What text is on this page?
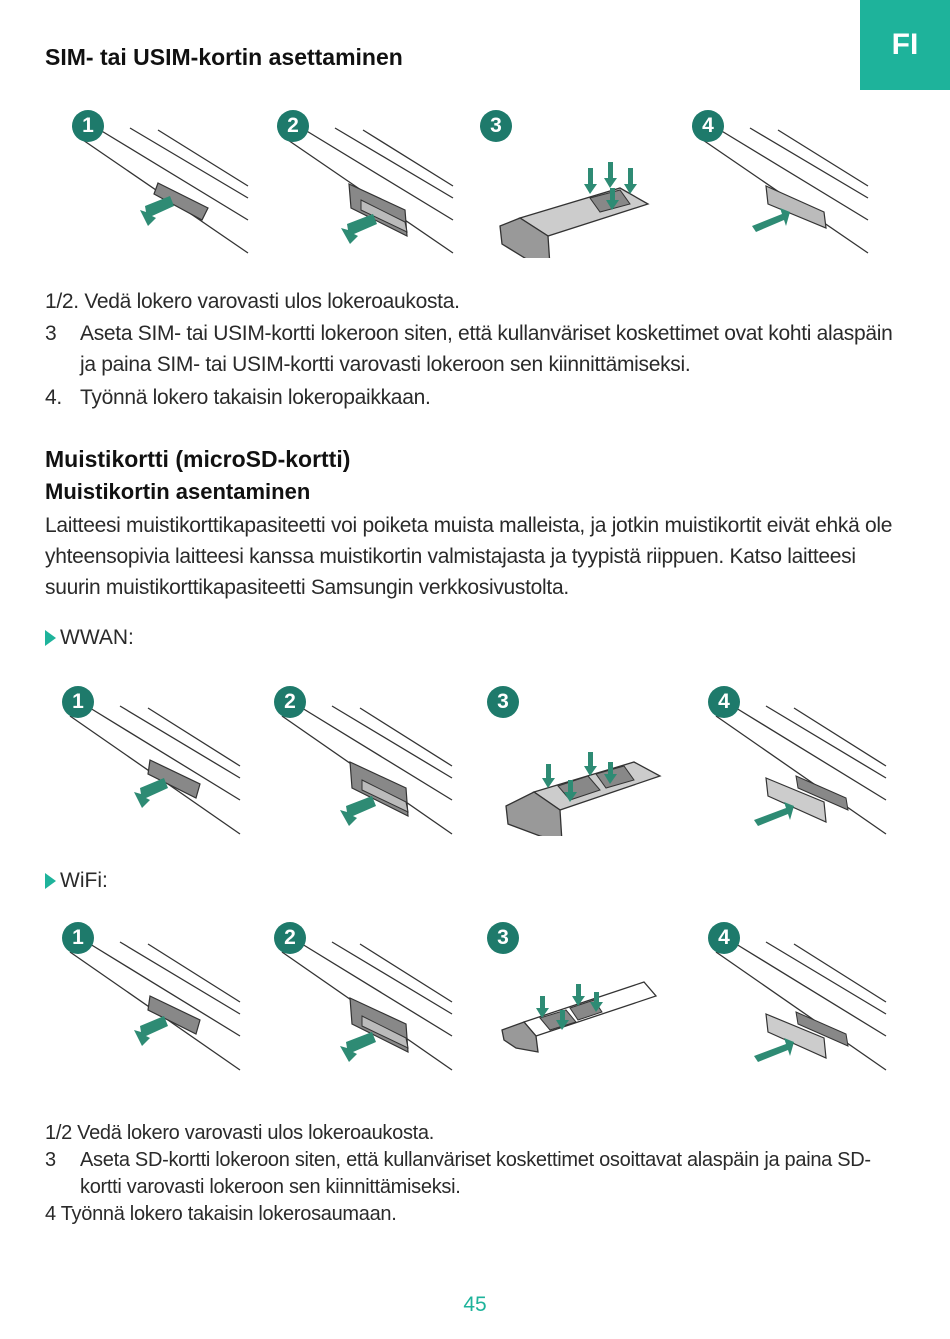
FI
SIM- tai USIM-kortin asettaminen
1	2	3	4
1/2. Vedä lokero varovasti ulos lokeroaukosta.
3	Aseta SIM- tai USIM-kortti lokeroon siten, että kullanväriset koskettimet ovat kohti alaspäin ja paina SIM- tai USIM-kortti varovasti lokeroon sen kiinnittämiseksi.
4. Työnnä lokero takaisin lokeropaikkaan.
Muistikortti (microSD-kortti)
Muistikortin asentaminen
Laitteesi muistikorttikapasiteetti voi poiketa muista malleista, ja jotkin muistikortit eivät ehkä ole yhteensopivia laitteesi kanssa muistikortin valmistajasta ja tyypistä riippuen. Katso laitteesi suurin muistikorttikapasiteetti Samsungin verkkosivustolta.
WWAN:
1	2	3	4
WiFi:
1	2	3	4
1/2 Vedä lokero varovasti ulos lokeroaukosta.
3	Aseta SD-kortti lokeroon siten, että kullanväriset koskettimet osoittavat alaspäin ja paina SD-kortti varovasti lokeroon sen kiinnittämiseksi.
4 Työnnä lokero takaisin lokerosaumaan.
45
